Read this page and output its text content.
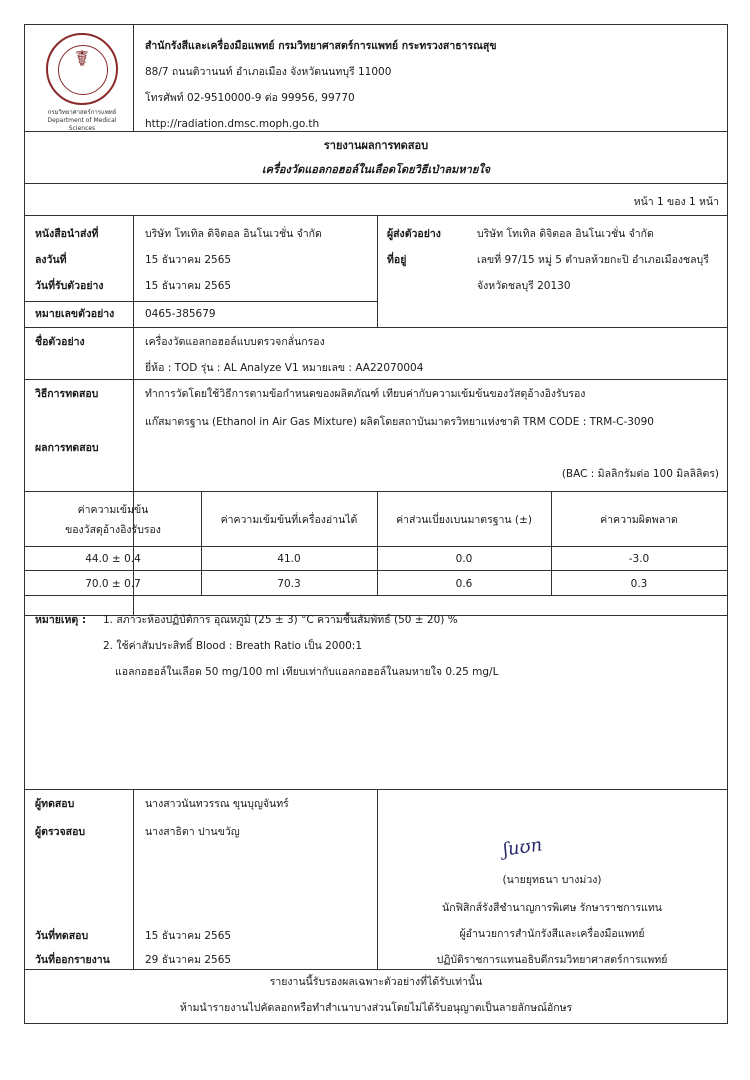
☤
กรมวิทยาศาสตร์การแพทย์
Department of Medical Sciences
สำนักรังสีและเครื่องมือแพทย์ กรมวิทยาศาสตร์การแพทย์ กระทรวงสาธารณสุข
88/7 ถนนติวานนท์ อำเภอเมือง จังหวัดนนทบุรี 11000
โทรศัพท์ 02-9510000-9 ต่อ 99956, 99770
http://radiation.dmsc.moph.go.th
รายงานผลการทดสอบ
เครื่องวัดแอลกอฮอล์ในเลือดโดยวิธีเป่าลมหายใจ
หน้า 1 ของ 1 หน้า
หนังสือนำส่งที่	บริษัท โทเทิล ดิจิตอล อินโนเวชั่น จำกัด
ลงวันที่	15 ธันวาคม 2565
วันที่รับตัวอย่าง	15 ธันวาคม 2565
หมายเลขตัวอย่าง	0465-385679
ผู้ส่งตัวอย่าง	บริษัท โทเทิล ดิจิตอล อินโนเวชั่น จำกัด
ที่อยู่	เลขที่ 97/15 หมู่ 5 ตำบลห้วยกะปิ อำเภอเมืองชลบุรี
จังหวัดชลบุรี 20130
ชื่อตัวอย่าง	เครื่องวัดแอลกอฮอล์แบบตรวจกลั่นกรอง
ยี่ห้อ : TOD รุ่น : AL Analyze V1 หมายเลข : AA22070004
วิธีการทดสอบ	ทำการวัดโดยใช้วิธีการตามข้อกำหนดของผลิตภัณฑ์ เทียบค่ากับความเข้มข้นของวัสดุอ้างอิงรับรอง
แก๊สมาตรฐาน (Ethanol in Air Gas Mixture) ผลิตโดยสถาบันมาตรวิทยาแห่งชาติ TRM CODE : TRM-C-3090
ผลการทดสอบ
(BAC : มิลลิกรัมต่อ 100 มิลลิลิตร)
ค่าความเข้มข้น
ของวัสดุอ้างอิงรับรอง
ค่าความเข้มข้นที่เครื่องอ่านได้	ค่าส่วนเบี่ยงเบนมาตรฐาน (±)	ค่าความผิดพลาด
44.0 ± 0.4	41.0	0.0	-3.0
70.0 ± 0.7	70.3	0.6	0.3
หมายเหตุ : 1. สภาวะห้องปฏิบัติการ อุณหภูมิ (25 ± 3) °C ความชื้นสัมพัทธ์ (50 ± 20) %
2. ใช้ค่าสัมประสิทธิ์ Blood : Breath Ratio เป็น 2000:1
แอลกอฮอล์ในเลือด 50 mg/100 ml เทียบเท่ากับแอลกอฮอล์ในลมหายใจ 0.25 mg/L
ผู้ทดสอบ	นางสาวนันทวรรณ ขุนบุญจันทร์
ผู้ตรวจสอบ	นางสาธิตา ปานขวัญ
วันที่ทดสอบ	15 ธันวาคม 2565
วันที่ออกรายงาน	29 ธันวาคม 2565
ʃuʊn
(นายยุทธนา บางม่วง)
นักฟิสิกส์รังสีชำนาญการพิเศษ รักษาราชการแทน
ผู้อำนวยการสำนักรังสีและเครื่องมือแพทย์
ปฏิบัติราชการแทนอธิบดีกรมวิทยาศาสตร์การแพทย์
รายงานนี้รับรองผลเฉพาะตัวอย่างที่ได้รับเท่านั้น
ห้ามนำรายงานไปคัดลอกหรือทำสำเนาบางส่วนโดยไม่ได้รับอนุญาตเป็นลายลักษณ์อักษร
